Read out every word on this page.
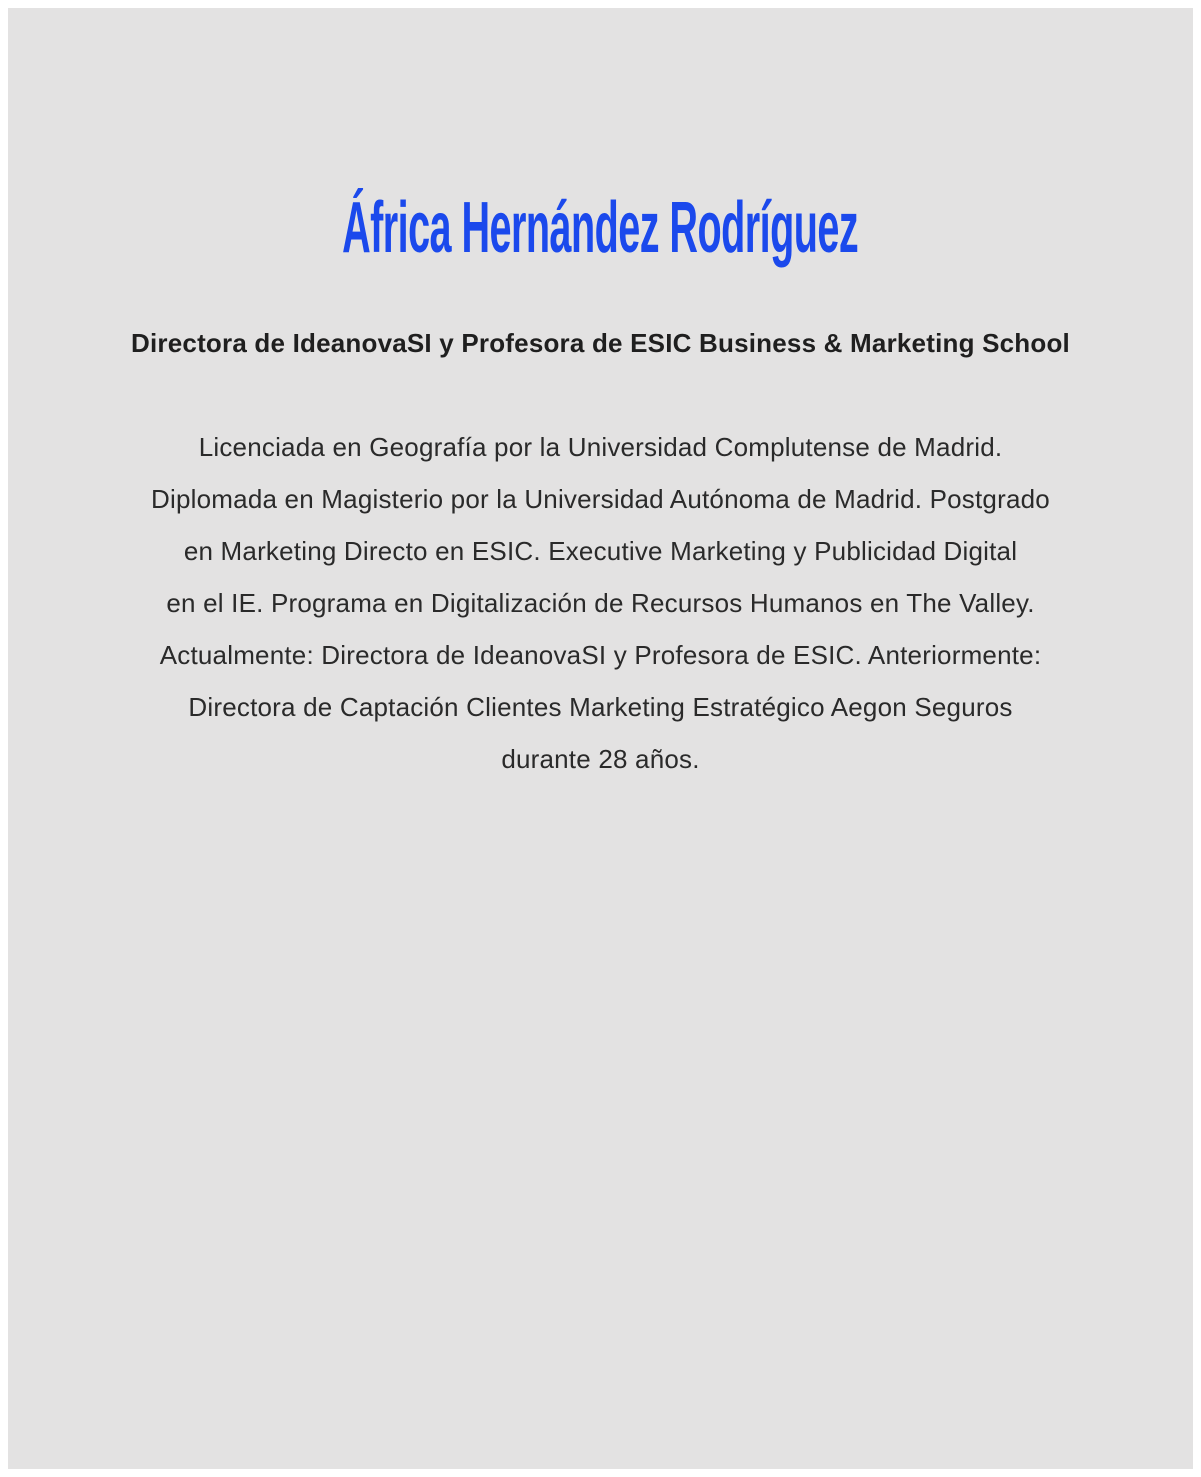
África Hernández Rodríguez
Directora de IdeanovaSI y Profesora de ESIC Business & Marketing School
Licenciada en Geografía por la Universidad Complutense de Madrid.
Diplomada en Magisterio por la Universidad Autónoma de Madrid. Postgrado
en Marketing Directo en ESIC. Executive Marketing y Publicidad Digital
en el IE. Programa en Digitalización de Recursos Humanos en The Valley.
Actualmente: Directora de IdeanovaSI y Profesora de ESIC. Anteriormente:
Directora de Captación Clientes Marketing Estratégico Aegon Seguros
durante 28 años.
